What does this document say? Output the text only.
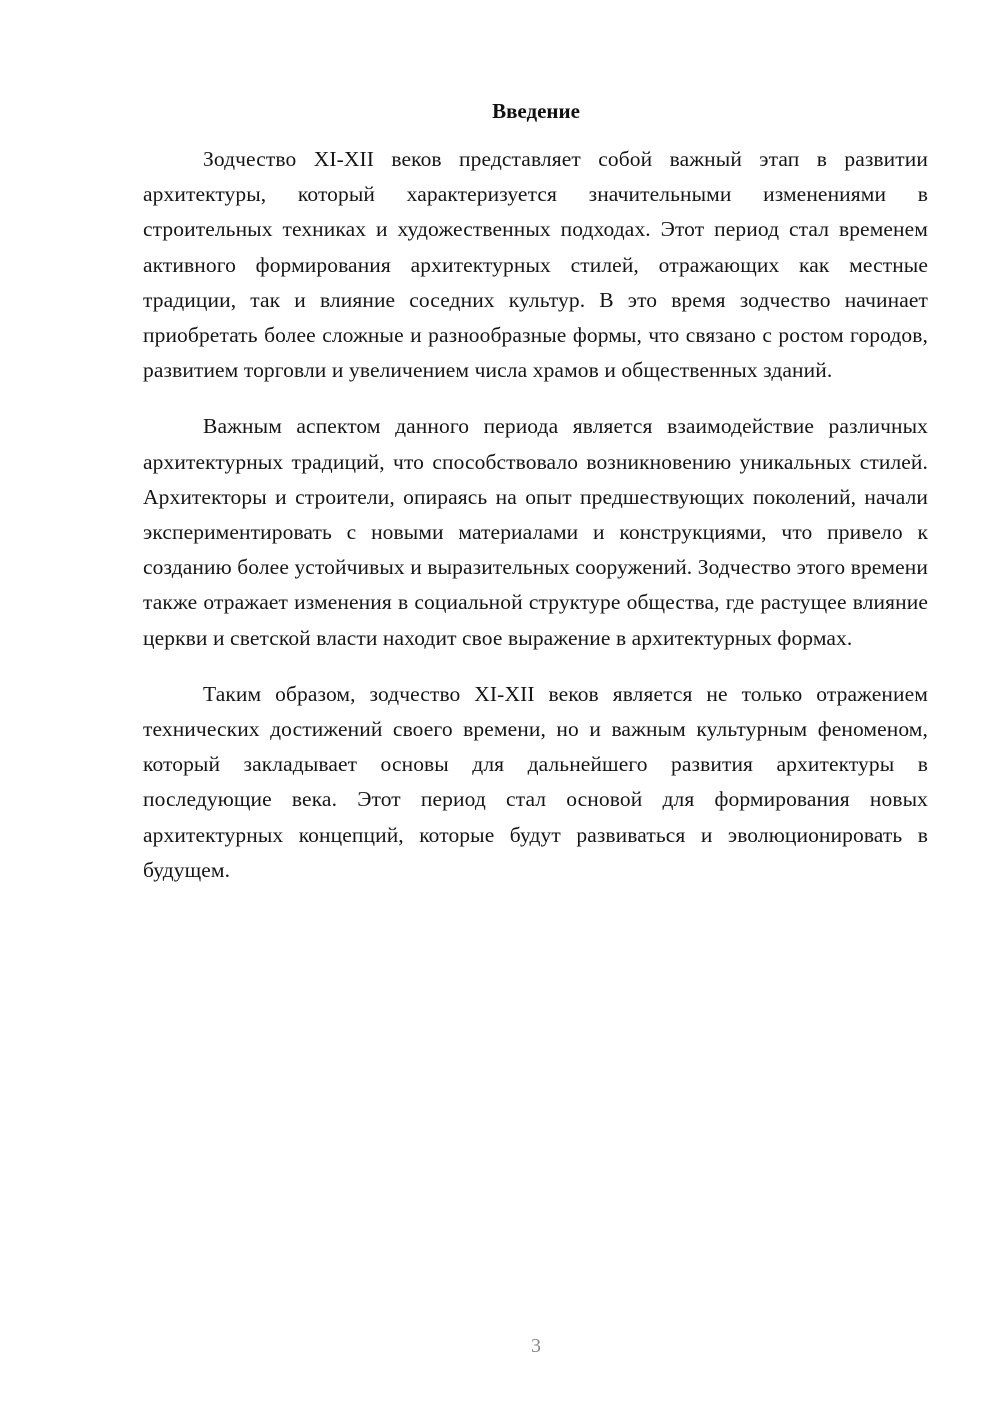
Введение

Зодчество XI-XII веков представляет собой важный этап в развитии архитектуры, который характеризуется значительными изменениями в строительных техниках и художественных подходах. Этот период стал временем активного формирования архитектурных стилей, отражающих как местные традиции, так и влияние соседних культур. В это время зодчество начинает приобретать более сложные и разнообразные формы, что связано с ростом городов, развитием торговли и увеличением числа храмов и общественных зданий.

Важным аспектом данного периода является взаимодействие различных архитектурных традиций, что способствовало возникновению уникальных стилей. Архитекторы и строители, опираясь на опыт предшествующих поколений, начали экспериментировать с новыми материалами и конструкциями, что привело к созданию более устойчивых и выразительных сооружений. Зодчество этого времени также отражает изменения в социальной структуре общества, где растущее влияние церкви и светской власти находит свое выражение в архитектурных формах.

Таким образом, зодчество XI-XII веков является не только отражением технических достижений своего времени, но и важным культурным феноменом, который закладывает основы для дальнейшего развития архитектуры в последующие века. Этот период стал основой для формирования новых архитектурных концепций, которые будут развиваться и эволюционировать в будущем.

3
